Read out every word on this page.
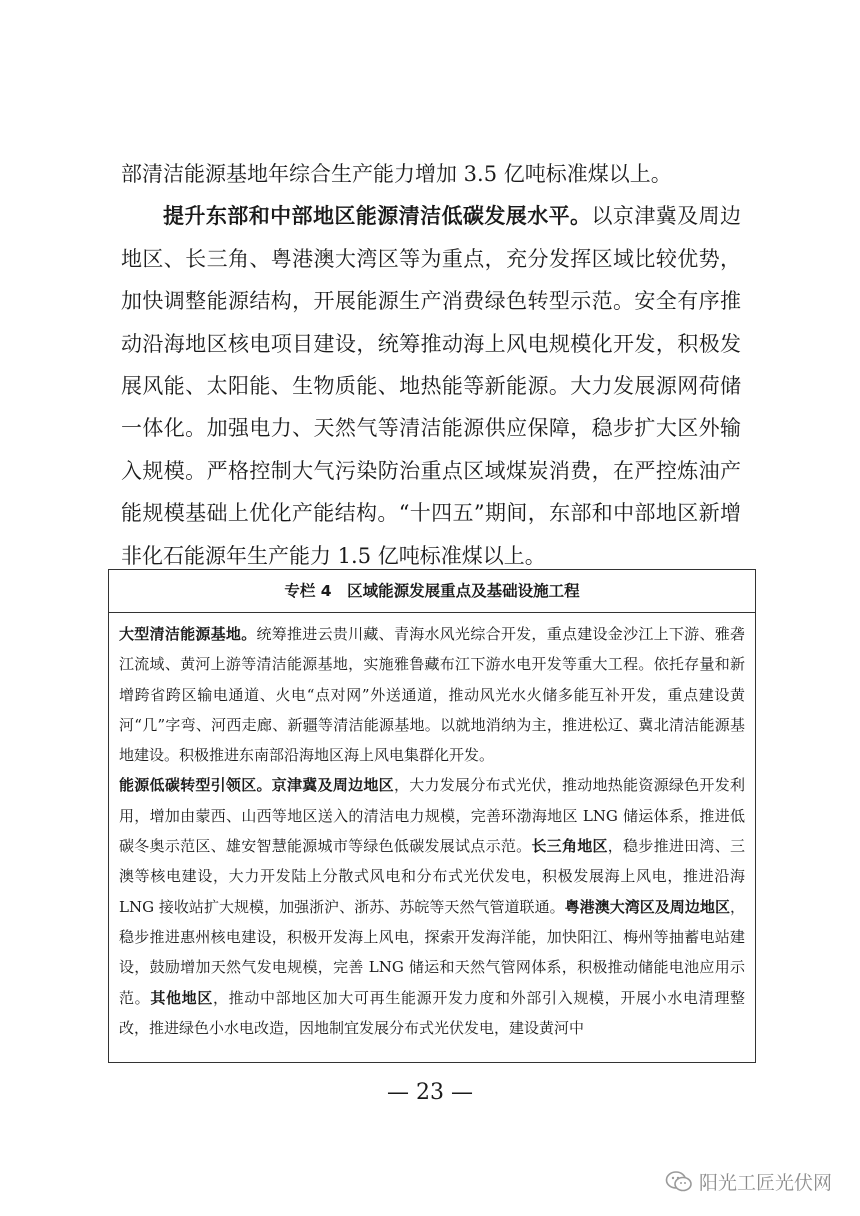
部清洁能源基地年综合生产能力增加 3.5 亿吨标准煤以上。

提升东部和中部地区能源清洁低碳发展水平。以京津冀及周边地区、长三角、粤港澳大湾区等为重点，充分发挥区域比较优势，加快调整能源结构，开展能源生产消费绿色转型示范。安全有序推动沿海地区核电项目建设，统筹推动海上风电规模化开发，积极发展风能、太阳能、生物质能、地热能等新能源。大力发展源网荷储一体化。加强电力、天然气等清洁能源供应保障，稳步扩大区外输入规模。严格控制大气污染防治重点区域煤炭消费，在严控炼油产能规模基础上优化产能结构。“十四五”期间，东部和中部地区新增非化石能源年生产能力 1.5 亿吨标准煤以上。

专栏 4　区域能源发展重点及基础设施工程

大型清洁能源基地。统筹推进云贵川藏、青海水风光综合开发，重点建设金沙江上下游、雅砻江流域、黄河上游等清洁能源基地，实施雅鲁藏布江下游水电开发等重大工程。依托存量和新增跨省跨区输电通道、火电“点对网”外送通道，推动风光水火储多能互补开发，重点建设黄河“几”字弯、河西走廊、新疆等清洁能源基地。以就地消纳为主，推进松辽、冀北清洁能源基地建设。积极推进东南部沿海地区海上风电集群化开发。

能源低碳转型引领区。京津冀及周边地区，大力发展分布式光伏，推动地热能资源绿色开发利用，增加由蒙西、山西等地区送入的清洁电力规模，完善环渤海地区 LNG 储运体系，推进低碳冬奥示范区、雄安智慧能源城市等绿色低碳发展试点示范。长三角地区，稳步推进田湾、三澳等核电建设，大力开发陆上分散式风电和分布式光伏发电，积极发展海上风电，推进沿海 LNG 接收站扩大规模，加强浙沪、浙苏、苏皖等天然气管道联通。粤港澳大湾区及周边地区，稳步推进惠州核电建设，积极开发海上风电，探索开发海洋能，加快阳江、梅州等抽蓄电站建设，鼓励增加天然气发电规模，完善 LNG 储运和天然气管网体系，积极推动储能电池应用示范。其他地区，推动中部地区加大可再生能源开发力度和外部引入规模，开展小水电清理整改，推进绿色小水电改造，因地制宜发展分布式光伏发电，建设黄河中

— 23 —
阳光工匠光伏网
